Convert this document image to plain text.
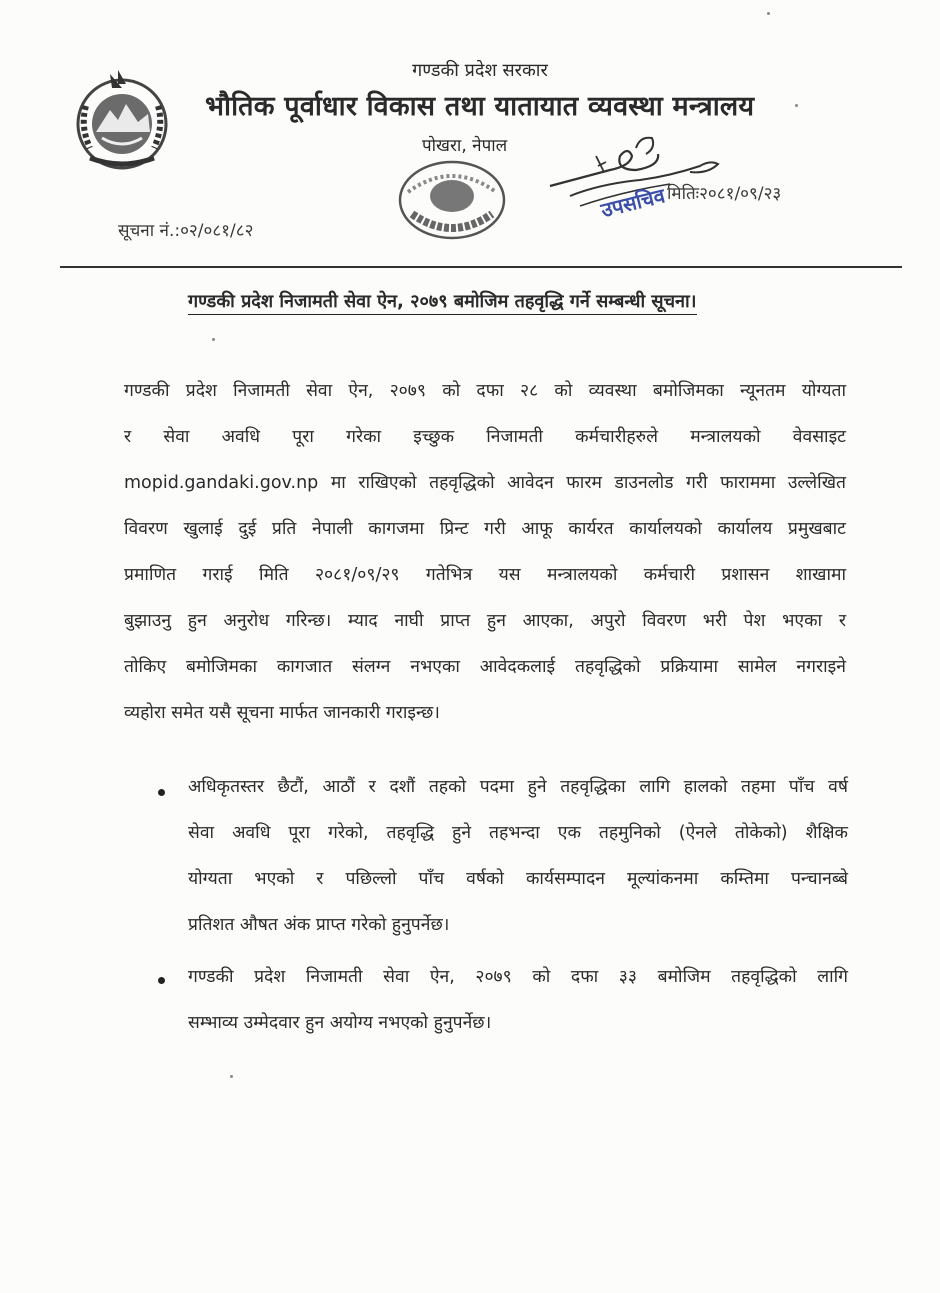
गण्डकी प्रदेश सरकार
भौतिक पूर्वाधार विकास तथा यातायात व्यवस्था मन्त्रालय
पोखरा, नेपाल
सूचना नं.:०२/०८१/८२
मितिः२०८१/०९/२३
उपसचिव
गण्डकी प्रदेश निजामती सेवा ऐन, २०७९ बमोजिम तहवृद्धि गर्ने सम्बन्धी सूचना।
गण्डकी प्रदेश निजामती सेवा ऐन, २०७९ को दफा २८ को व्यवस्था बमोजिमका न्यूनतम योग्यता
र सेवा अवधि पूरा गरेका इच्छुक निजामती कर्मचारीहरुले मन्त्रालयको वेवसाइट
mopid.gandaki.gov.np मा राखिएको तहवृद्धिको आवेदन फारम डाउनलोड गरी फाराममा उल्लेखित
विवरण खुलाई दुई प्रति नेपाली कागजमा प्रिन्ट गरी आफू कार्यरत कार्यालयको कार्यालय प्रमुखबाट
प्रमाणित गराई मिति २०८१/०९/२९ गतेभित्र यस मन्त्रालयको कर्मचारी प्रशासन शाखामा
बुझाउनु हुन अनुरोध गरिन्छ। म्याद नाघी प्राप्त हुन आएका, अपुरो विवरण भरी पेश भएका र
तोकिए बमोजिमका कागजात संलग्न नभएका आवेदकलाई तहवृद्धिको प्रक्रियामा सामेल नगराइने
व्यहोरा समेत यसै सूचना मार्फत जानकारी गराइन्छ।
अधिकृतस्तर छैटौं, आठौं र दशौं तहको पदमा हुने तहवृद्धिका लागि हालको तहमा पाँच वर्ष
सेवा अवधि पूरा गरेको, तहवृद्धि हुने तहभन्दा एक तहमुनिको (ऐनले तोकेको) शैक्षिक
योग्यता भएको र पछिल्लो पाँच वर्षको कार्यसम्पादन मूल्यांकनमा कम्तिमा पन्चानब्बे
प्रतिशत औषत अंक प्राप्त गरेको हुनुपर्नेछ।
गण्डकी प्रदेश निजामती सेवा ऐन, २०७९ को दफा ३३ बमोजिम तहवृद्धिको लागि
सम्भाव्य उम्मेदवार हुन अयोग्य नभएको हुनुपर्नेछ।
